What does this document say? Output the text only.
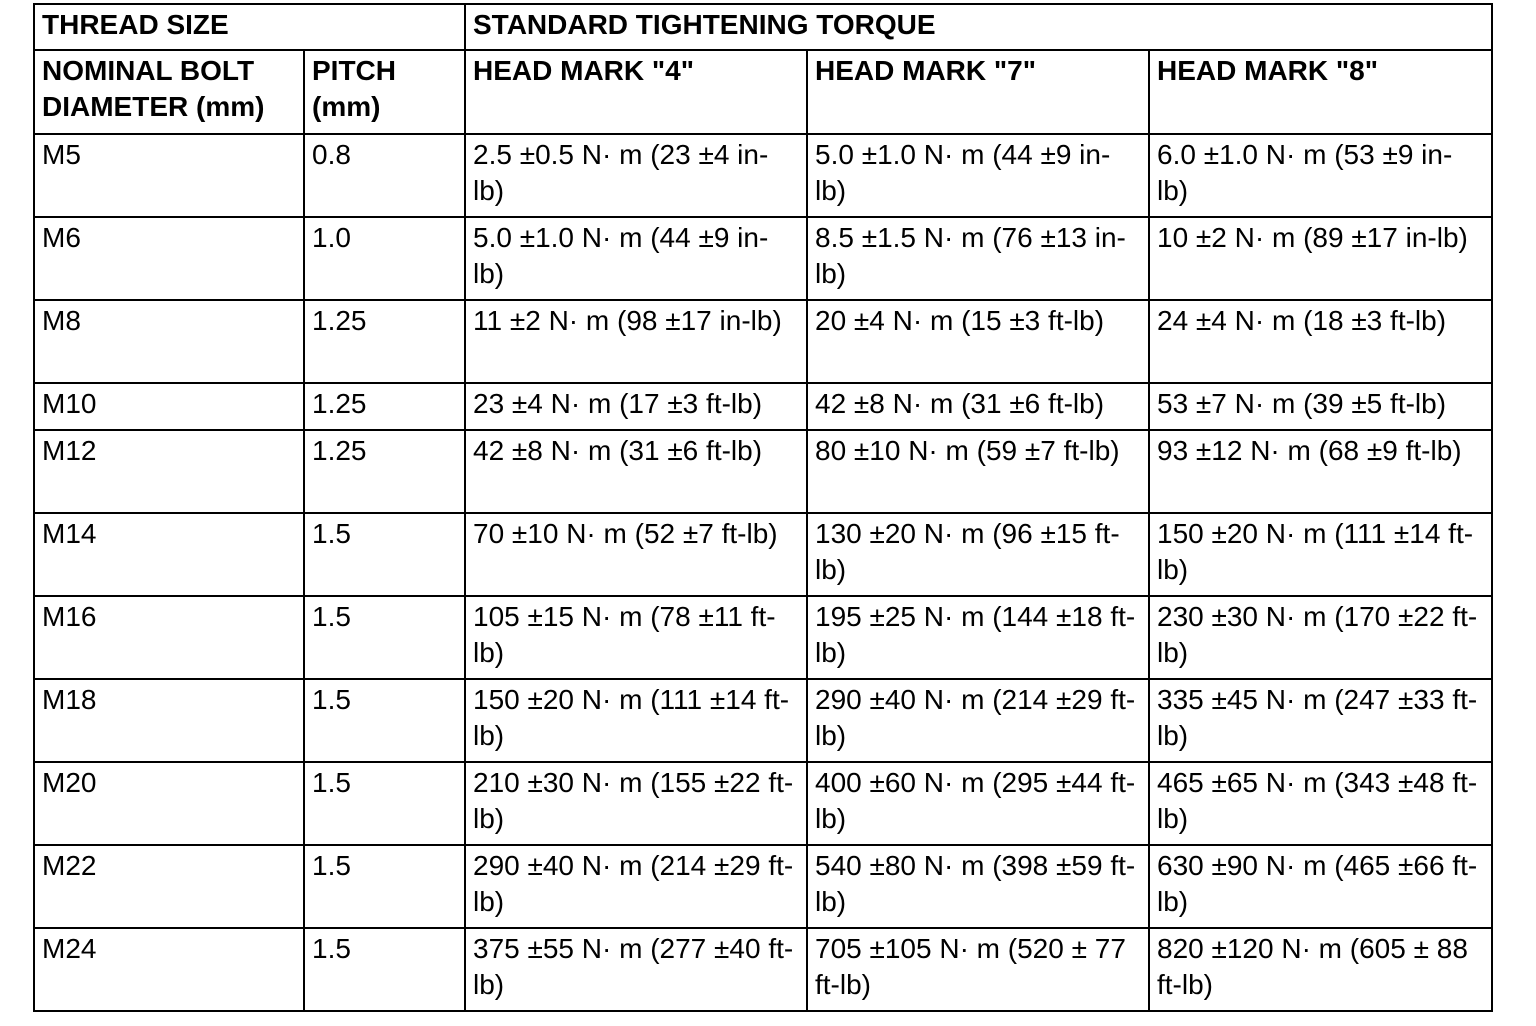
THREAD SIZE		STANDARD TIGHTENING TORQUE		
NOMINAL BOLT DIAMETER (mm)	PITCH (mm)	HEAD MARK "4"	HEAD MARK "7"	HEAD MARK "8"
M5	0.8	2.5 ±0.5 N· m (23 ±4 in-lb)	5.0 ±1.0 N· m (44 ±9 in-lb)	6.0 ±1.0 N· m (53 ±9 in-lb)
M6	1.0	5.0 ±1.0 N· m (44 ±9 in-lb)	8.5 ±1.5 N· m (76 ±13 in-lb)	10 ±2 N· m (89 ±17 in-lb)
M8	1.25	11 ±2 N· m (98 ±17 in-lb)	20 ±4 N· m (15 ±3 ft-lb)	24 ±4 N· m (18 ±3 ft-lb)
M10	1.25	23 ±4 N· m (17 ±3 ft-lb)	42 ±8 N· m (31 ±6 ft-lb)	53 ±7 N· m (39 ±5 ft-lb)
M12	1.25	42 ±8 N· m (31 ±6 ft-lb)	80 ±10 N· m (59 ±7 ft-lb)	93 ±12 N· m (68 ±9 ft-lb)
M14	1.5	70 ±10 N· m (52 ±7 ft-lb)	130 ±20 N· m (96 ±15 ft-lb)	150 ±20 N· m (111 ±14 ft-lb)
M16	1.5	105 ±15 N· m (78 ±11 ft-lb)	195 ±25 N· m (144 ±18 ft-lb)	230 ±30 N· m (170 ±22 ft-lb)
M18	1.5	150 ±20 N· m (111 ±14 ft-lb)	290 ±40 N· m (214 ±29 ft-lb)	335 ±45 N· m (247 ±33 ft-lb)
M20	1.5	210 ±30 N· m (155 ±22 ft-lb)	400 ±60 N· m (295 ±44 ft-lb)	465 ±65 N· m (343 ±48 ft-lb)
M22	1.5	290 ±40 N· m (214 ±29 ft-lb)	540 ±80 N· m (398 ±59 ft-lb)	630 ±90 N· m (465 ±66 ft-lb)
M24	1.5	375 ±55 N· m (277 ±40 ft-lb)	705 ±105 N· m (520 ± 77 ft-lb)	820 ±120 N· m (605 ± 88 ft-lb)
